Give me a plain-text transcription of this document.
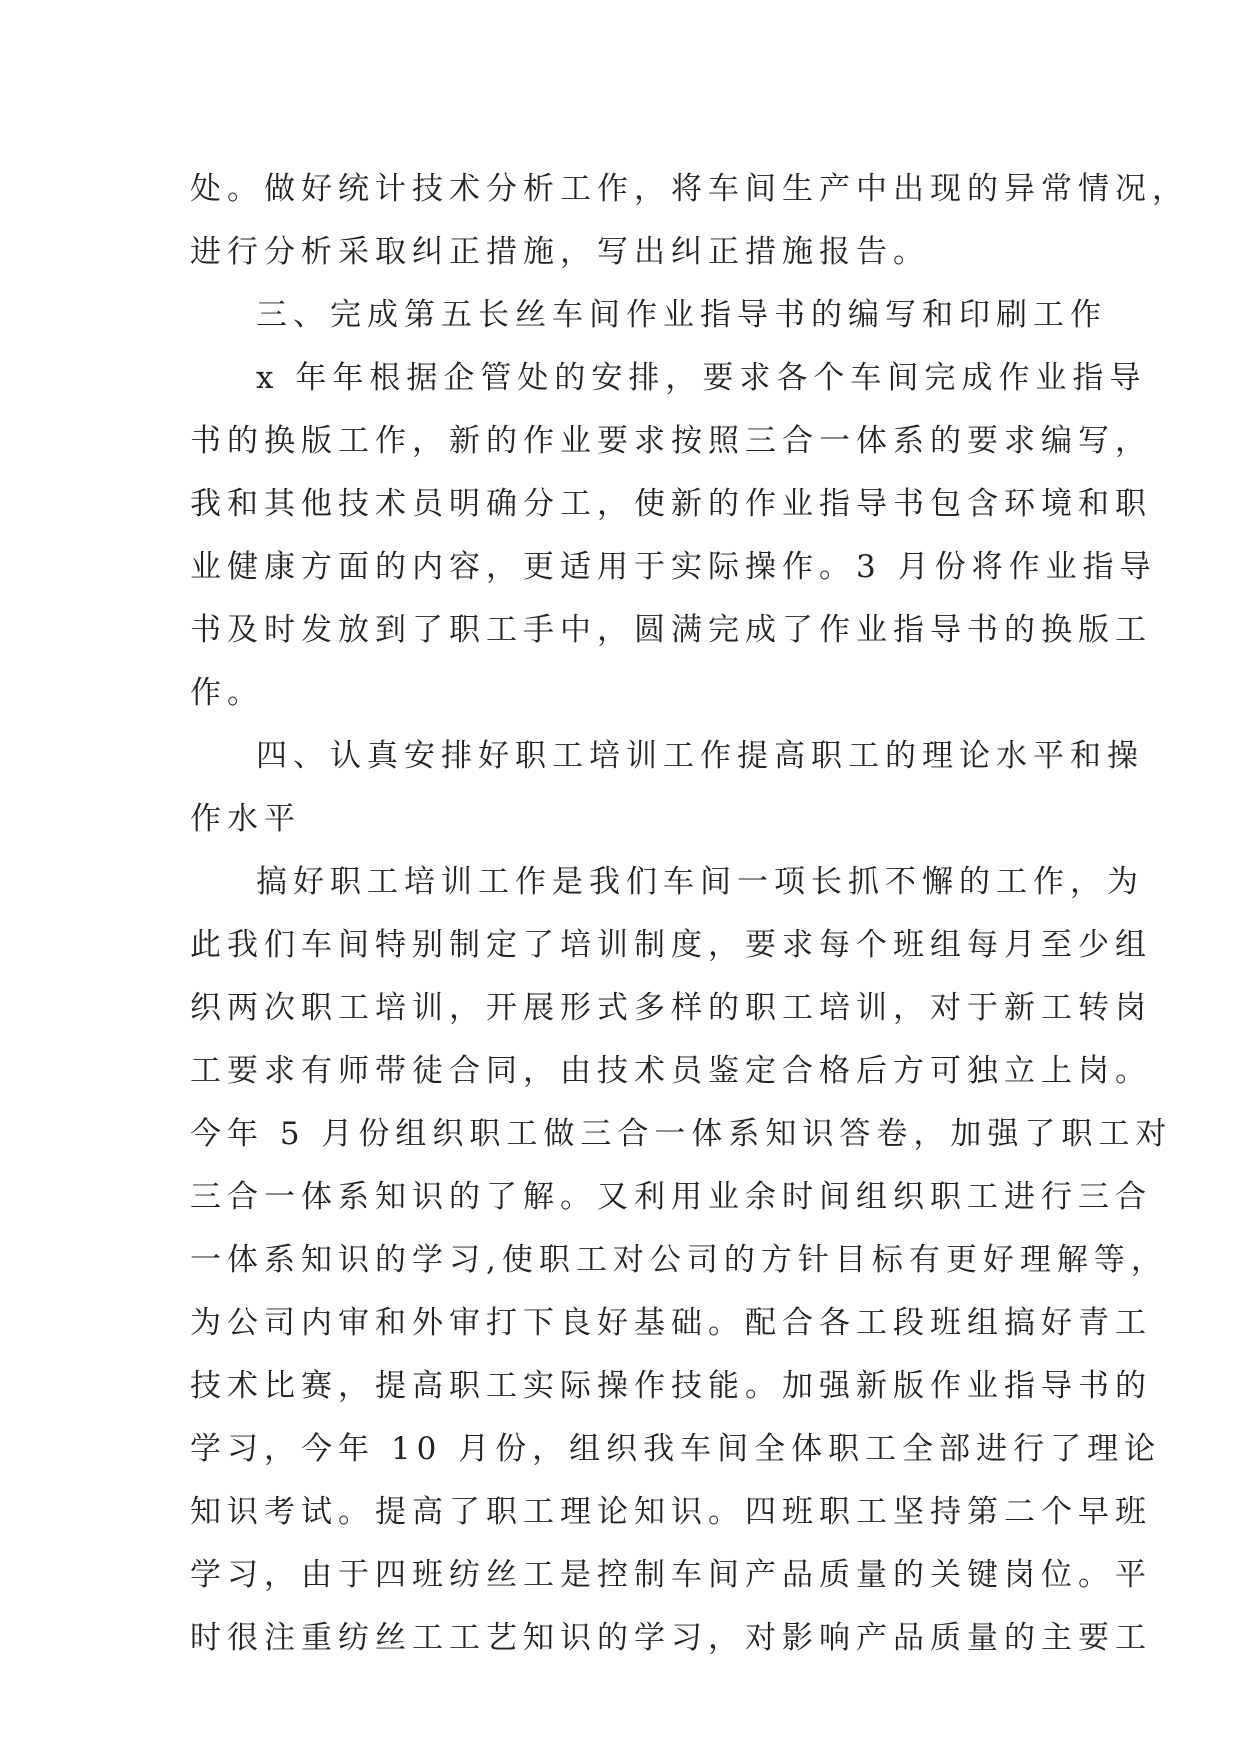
处。做好统计技术分析工作，将车间生产中出现的异常情况，
进行分析采取纠正措施，写出纠正措施报告。
三、完成第五长丝车间作业指导书的编写和印刷工作
x 年年根据企管处的安排，要求各个车间完成作业指导
书的换版工作，新的作业要求按照三合一体系的要求编写，
我和其他技术员明确分工，使新的作业指导书包含环境和职
业健康方面的内容，更适用于实际操作。3 月份将作业指导
书及时发放到了职工手中，圆满完成了作业指导书的换版工
作。
四、认真安排好职工培训工作提高职工的理论水平和操
作水平
搞好职工培训工作是我们车间一项长抓不懈的工作，为
此我们车间特别制定了培训制度，要求每个班组每月至少组
织两次职工培训，开展形式多样的职工培训，对于新工转岗
工要求有师带徒合同，由技术员鉴定合格后方可独立上岗。
今年 5 月份组织职工做三合一体系知识答卷，加强了职工对
三合一体系知识的了解。又利用业余时间组织职工进行三合
一体系知识的学习,使职工对公司的方针目标有更好理解等，
为公司内审和外审打下良好基础。配合各工段班组搞好青工
技术比赛，提高职工实际操作技能。加强新版作业指导书的
学习，今年 10 月份，组织我车间全体职工全部进行了理论
知识考试。提高了职工理论知识。四班职工坚持第二个早班
学习，由于四班纺丝工是控制车间产品质量的关键岗位。平
时很注重纺丝工工艺知识的学习，对影响产品质量的主要工
